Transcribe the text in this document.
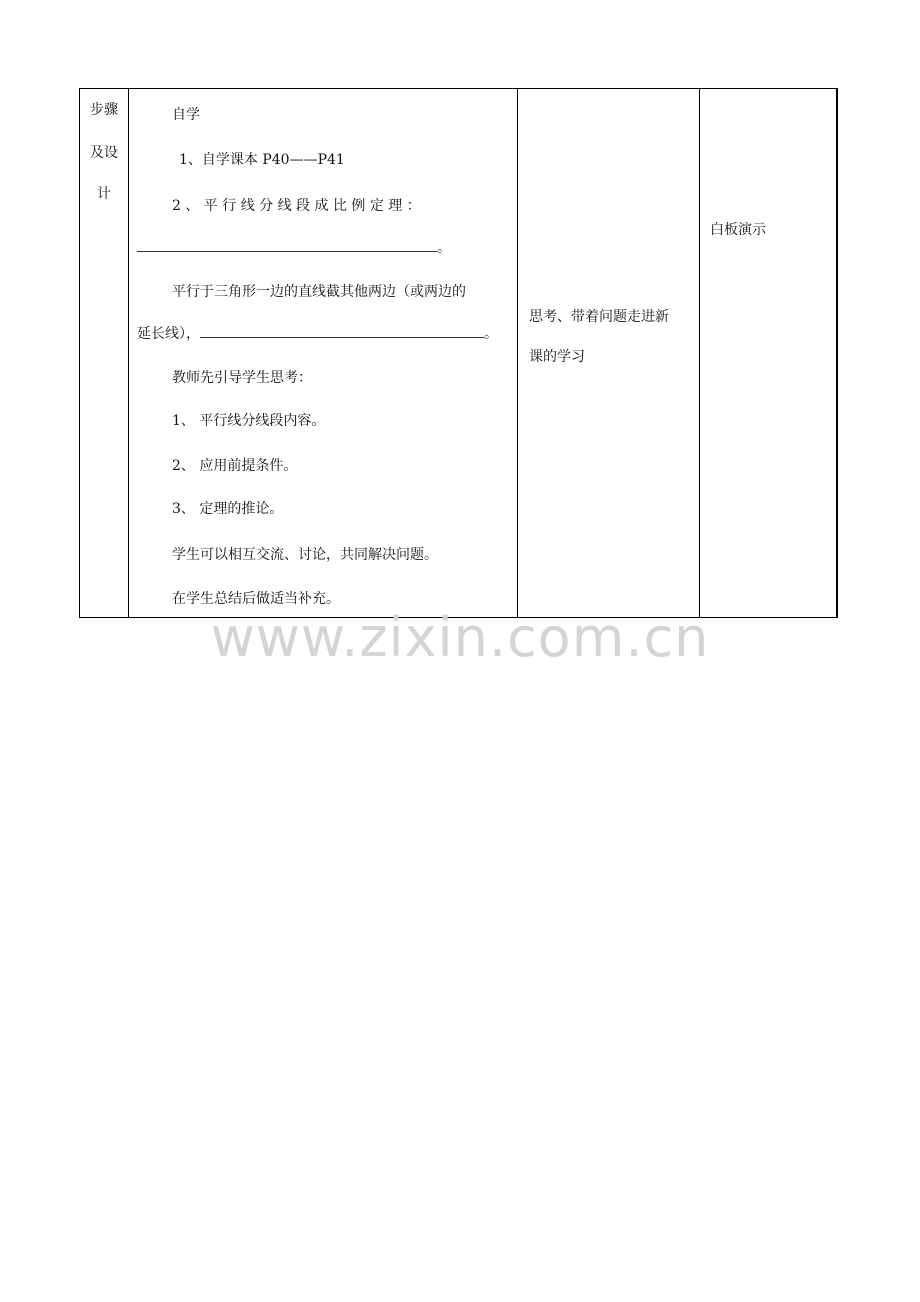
步骤
及设
计
自学
1、自学课本 P40——P41
2 、 平 行 线 分 线 段 成 比 例 定 理 ：
。
平行于三角形一边的直线截其他两边（或两边的
延长线），	。
教师先引导学生思考：
1、 平行线分线段内容。
2、 应用前提条件。
3、 定理的推论。
学生可以相互交流、讨论，共同解决问题。
在学生总结后做适当补充。
思考、带着问题走进新
课的学习
白板演示
www.zixin.com.cn
